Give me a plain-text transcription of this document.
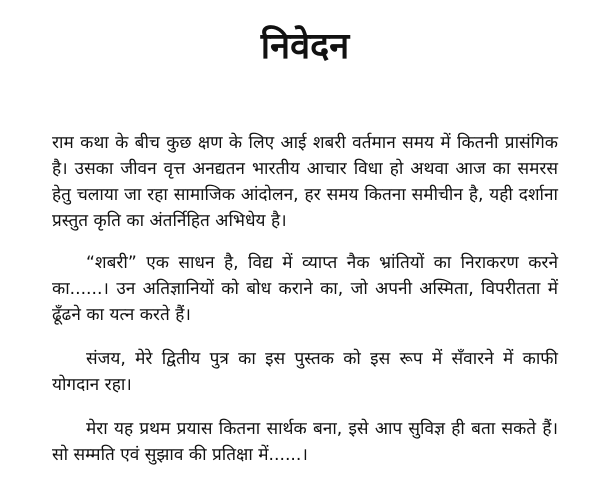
निवेदन

राम कथा के बीच कुछ क्षण के लिए आई शबरी वर्तमान समय में कितनी प्रासंगिक है। उसका जीवन वृत्त अनद्यतन भारतीय आचार विधा हो अथवा आज का समरस हेतु चलाया जा रहा सामाजिक आंदोलन, हर समय कितना समीचीन है, यही दर्शाना प्रस्तुत कृति का अंतर्निहित अभिधेय है।

“शबरी” एक साधन है, विद्य में व्याप्त नैक भ्रांतियों का निराकरण करने का......। उन अतिज्ञानियों को बोध कराने का, जो अपनी अस्मिता, विपरीतता में ढूँढने का यत्न करते हैं।

संजय, मेरे द्वितीय पुत्र का इस पुस्तक को इस रूप में सँवारने में काफी योगदान रहा।

मेरा यह प्रथम प्रयास कितना सार्थक बना, इसे आप सुविज्ञ ही बता सकते हैं। सो सम्मति एवं सुझाव की प्रतिक्षा में......।
